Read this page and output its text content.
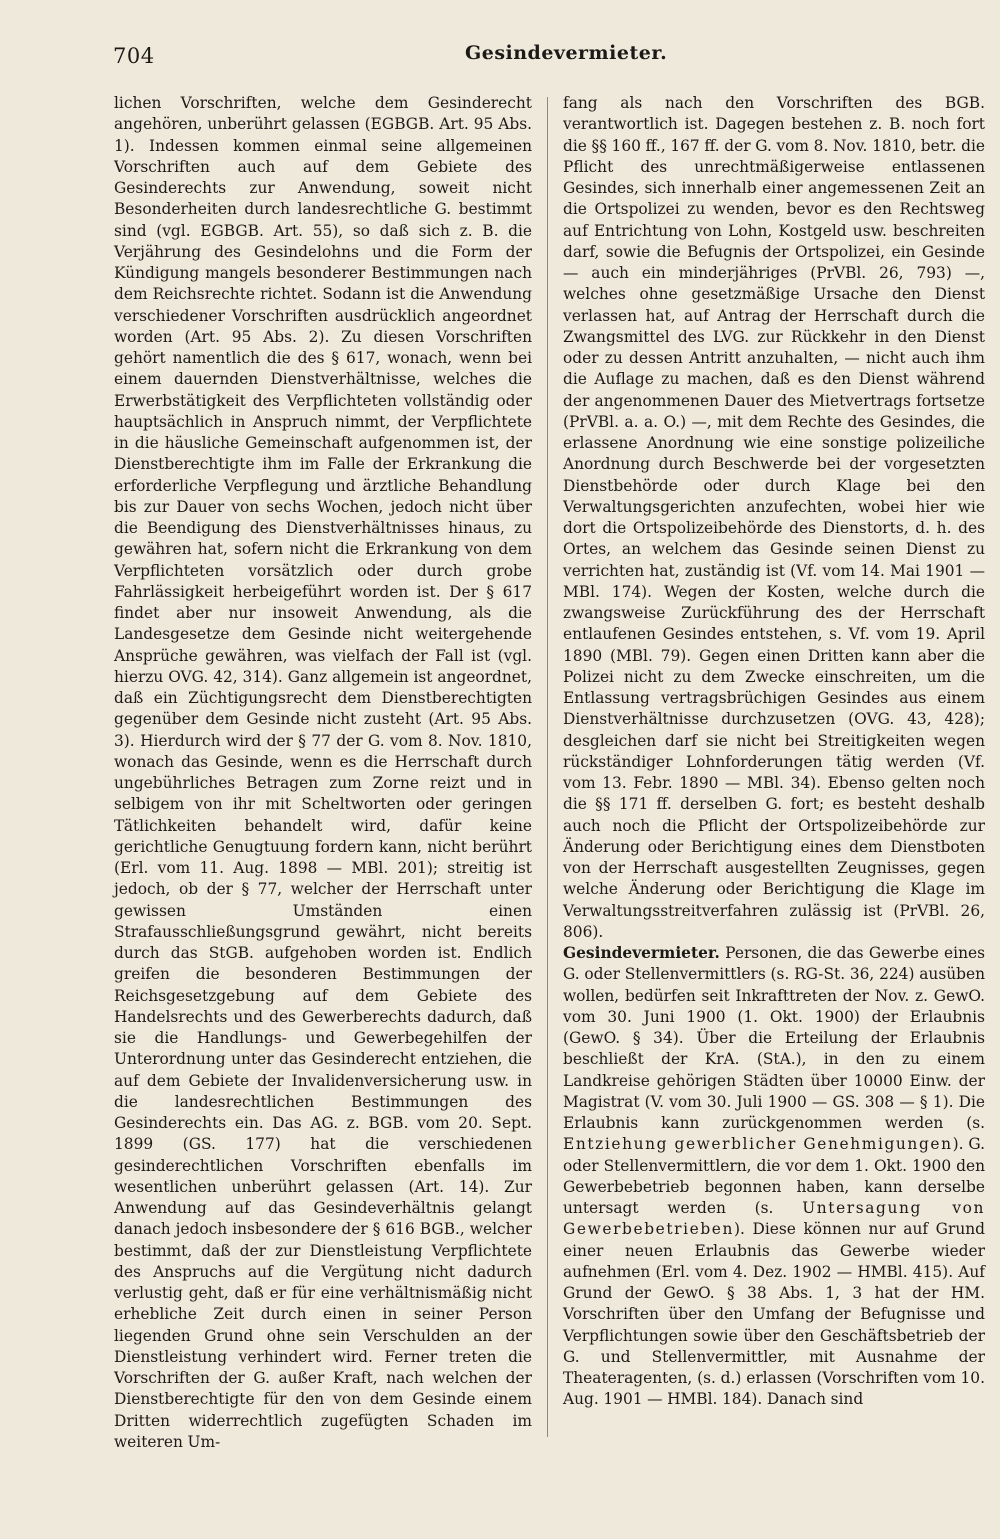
704	Gesindevermieter.

lichen Vorschriften, welche dem Gesinderecht angehören, unberührt gelassen (EGBGB. Art. 95 Abs. 1). Indessen kommen einmal seine allgemeinen Vorschriften auch auf dem Gebiete des Gesinderechts zur Anwendung, soweit nicht Besonderheiten durch landesrechtliche G. bestimmt sind (vgl. EGBGB. Art. 55), so daß sich z. B. die Verjährung des Gesindelohns und die Form der Kündigung mangels besonderer Bestimmungen nach dem Reichsrechte richtet. Sodann ist die Anwendung verschiedener Vorschriften ausdrücklich angeordnet worden (Art. 95 Abs. 2). Zu diesen Vorschriften gehört namentlich die des § 617, wonach, wenn bei einem dauernden Dienstverhältnisse, welches die Erwerbstätigkeit des Verpflichteten vollständig oder hauptsächlich in Anspruch nimmt, der Verpflichtete in die häusliche Gemeinschaft aufgenommen ist, der Dienstberechtigte ihm im Falle der Erkrankung die erforderliche Verpflegung und ärztliche Behandlung bis zur Dauer von sechs Wochen, jedoch nicht über die Beendigung des Dienstverhältnisses hinaus, zu gewähren hat, sofern nicht die Erkrankung von dem Verpflichteten vorsätzlich oder durch grobe Fahrlässigkeit herbeigeführt worden ist. Der § 617 findet aber nur insoweit Anwendung, als die Landesgesetze dem Gesinde nicht weitergehende Ansprüche gewähren, was vielfach der Fall ist (vgl. hierzu OVG. 42, 314). Ganz allgemein ist angeordnet, daß ein Züchtigungsrecht dem Dienstberechtigten gegenüber dem Gesinde nicht zusteht (Art. 95 Abs. 3). Hierdurch wird der § 77 der G. vom 8. Nov. 1810, wonach das Gesinde, wenn es die Herrschaft durch ungebührliches Betragen zum Zorne reizt und in selbigem von ihr mit Scheltworten oder geringen Tätlichkeiten behandelt wird, dafür keine gerichtliche Genugtuung fordern kann, nicht berührt (Erl. vom 11. Aug. 1898 — MBl. 201); streitig ist jedoch, ob der § 77, welcher der Herrschaft unter gewissen Umständen einen Strafausschließungsgrund gewährt, nicht bereits durch das StGB. aufgehoben worden ist. Endlich greifen die besonderen Bestimmungen der Reichsgesetzgebung auf dem Gebiete des Handelsrechts und des Gewerberechts dadurch, daß sie die Handlungs- und Gewerbegehilfen der Unterordnung unter das Gesinderecht entziehen, die auf dem Gebiete der Invalidenversicherung usw. in die landesrechtlichen Bestimmungen des Gesinderechts ein. Das AG. z. BGB. vom 20. Sept. 1899 (GS. 177) hat die verschiedenen gesinderechtlichen Vorschriften ebenfalls im wesentlichen unberührt gelassen (Art. 14). Zur Anwendung auf das Gesindeverhältnis gelangt danach jedoch insbesondere der § 616 BGB., welcher bestimmt, daß der zur Dienstleistung Verpflichtete des Anspruchs auf die Vergütung nicht dadurch verlustig geht, daß er für eine verhältnismäßig nicht erhebliche Zeit durch einen in seiner Person liegenden Grund ohne sein Verschulden an der Dienstleistung verhindert wird. Ferner treten die Vorschriften der G. außer Kraft, nach welchen der Dienstberechtigte für den von dem Gesinde einem Dritten widerrechtlich zugefügten Schaden im weiteren Um-

fang als nach den Vorschriften des BGB. verantwortlich ist. Dagegen bestehen z. B. noch fort die §§ 160 ff., 167 ff. der G. vom 8. Nov. 1810, betr. die Pflicht des unrechtmäßigerweise entlassenen Gesindes, sich innerhalb einer angemessenen Zeit an die Ortspolizei zu wenden, bevor es den Rechtsweg auf Entrichtung von Lohn, Kostgeld usw. beschreiten darf, sowie die Befugnis der Ortspolizei, ein Gesinde — auch ein minderjähriges (PrVBl. 26, 793) —, welches ohne gesetzmäßige Ursache den Dienst verlassen hat, auf Antrag der Herrschaft durch die Zwangsmittel des LVG. zur Rückkehr in den Dienst oder zu dessen Antritt anzuhalten, — nicht auch ihm die Auflage zu machen, daß es den Dienst während der angenommenen Dauer des Mietvertrags fortsetze (PrVBl. a. a. O.) —, mit dem Rechte des Gesindes, die erlassene Anordnung wie eine sonstige polizeiliche Anordnung durch Beschwerde bei der vorgesetzten Dienstbehörde oder durch Klage bei den Verwaltungsgerichten anzufechten, wobei hier wie dort die Ortspolizeibehörde des Dienstorts, d. h. des Ortes, an welchem das Gesinde seinen Dienst zu verrichten hat, zuständig ist (Vf. vom 14. Mai 1901 — MBl. 174). Wegen der Kosten, welche durch die zwangsweise Zurückführung des der Herrschaft entlaufenen Gesindes entstehen, s. Vf. vom 19. April 1890 (MBl. 79). Gegen einen Dritten kann aber die Polizei nicht zu dem Zwecke einschreiten, um die Entlassung vertragsbrüchigen Gesindes aus einem Dienstverhältnisse durchzusetzen (OVG. 43, 428); desgleichen darf sie nicht bei Streitigkeiten wegen rückständiger Lohnforderungen tätig werden (Vf. vom 13. Febr. 1890 — MBl. 34). Ebenso gelten noch die §§ 171 ff. derselben G. fort; es besteht deshalb auch noch die Pflicht der Ortspolizeibehörde zur Änderung oder Berichtigung eines dem Dienstboten von der Herrschaft ausgestellten Zeugnisses, gegen welche Änderung oder Berichtigung die Klage im Verwaltungsstreitverfahren zulässig ist (PrVBl. 26, 806).

Gesindevermieter. Personen, die das Gewerbe eines G. oder Stellenvermittlers (s. RG-St. 36, 224) ausüben wollen, bedürfen seit Inkrafttreten der Nov. z. GewO. vom 30. Juni 1900 (1. Okt. 1900) der Erlaubnis (GewO. § 34). Über die Erteilung der Erlaubnis beschließt der KrA. (StA.), in den zu einem Landkreise gehörigen Städten über 10000 Einw. der Magistrat (V. vom 30. Juli 1900 — GS. 308 — § 1). Die Erlaubnis kann zurückgenommen werden (s. Entziehung gewerblicher Genehmigungen). G. oder Stellenvermittlern, die vor dem 1. Okt. 1900 den Gewerbebetrieb begonnen haben, kann derselbe untersagt werden (s. Untersagung von Gewerbebetrieben). Diese können nur auf Grund einer neuen Erlaubnis das Gewerbe wieder aufnehmen (Erl. vom 4. Dez. 1902 — HMBl. 415). Auf Grund der GewO. § 38 Abs. 1, 3 hat der HM. Vorschriften über den Umfang der Befugnisse und Verpflichtungen sowie über den Geschäftsbetrieb der G. und Stellenvermittler, mit Ausnahme der Theateragenten, (s. d.) erlassen (Vorschriften vom 10. Aug. 1901 — HMBl. 184). Danach sind
